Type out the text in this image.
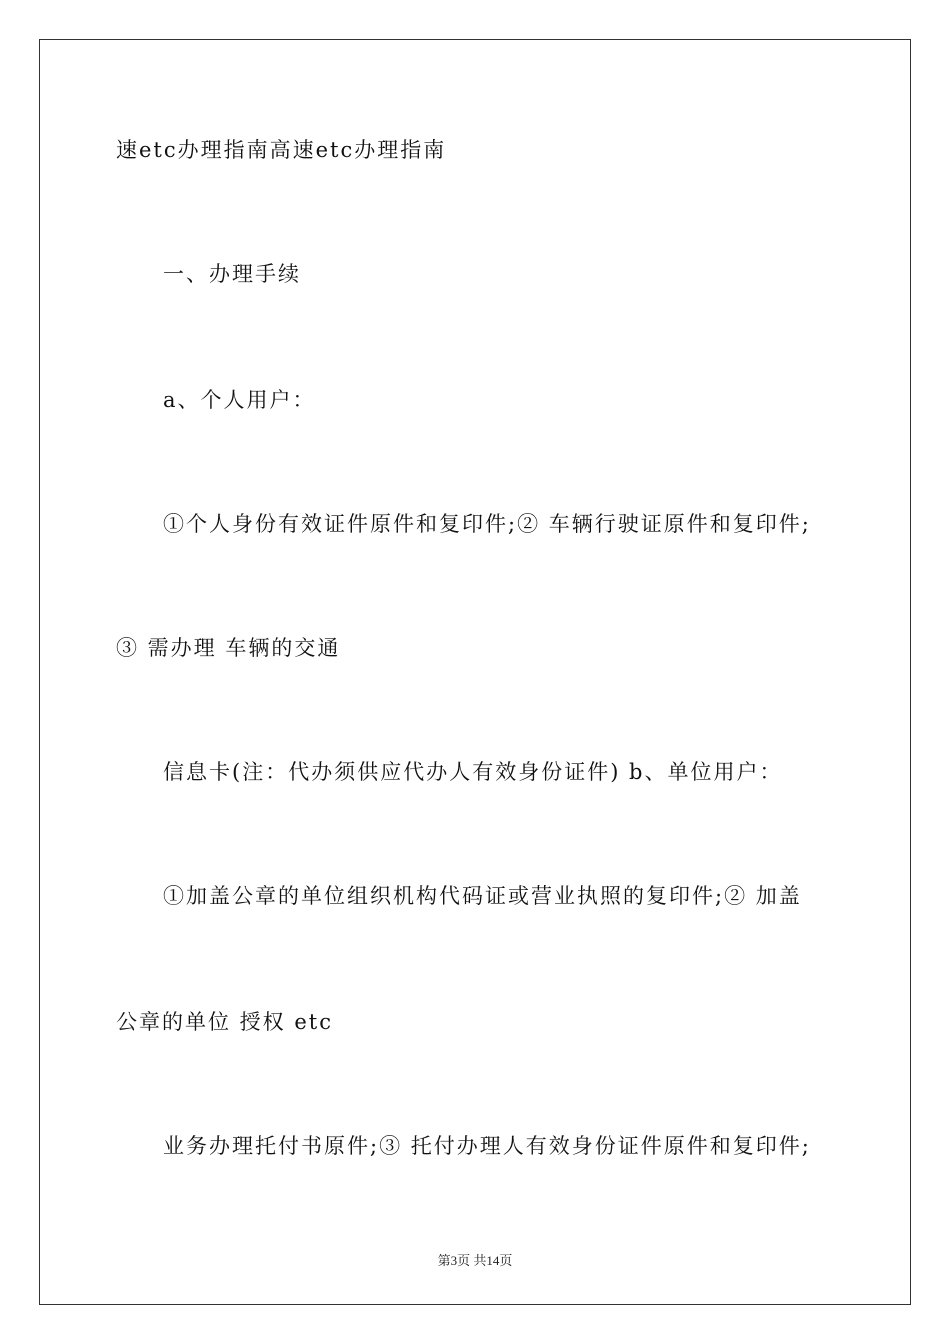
速etc办理指南高速etc办理指南
一、办理手续
a、个人用户：
①个人身份有效证件原件和复印件;② 车辆行驶证原件和复印件;
③ 需办理 车辆的交通
信息卡(注：代办须供应代办人有效身份证件) b、单位用户：
①加盖公章的单位组织机构代码证或营业执照的复印件;② 加盖
公章的单位 授权 etc
业务办理托付书原件;③ 托付办理人有效身份证件原件和复印件;
第3页 共14页
